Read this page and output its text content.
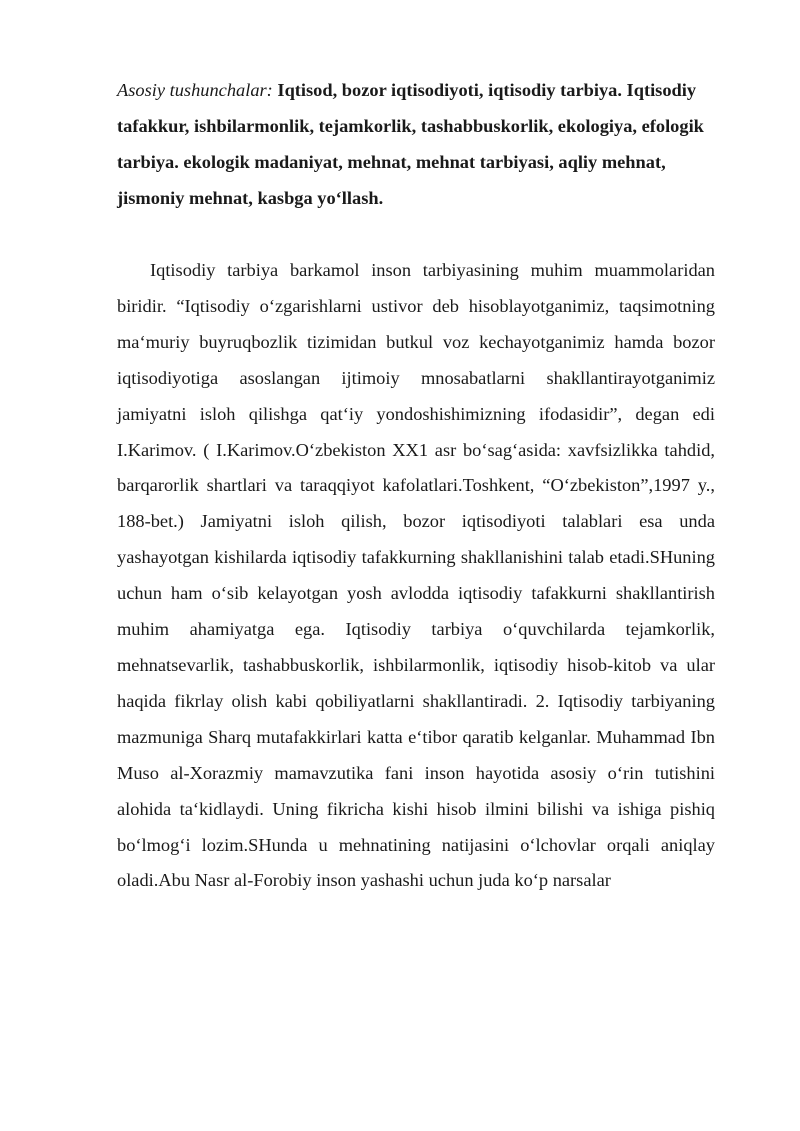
Asosiy tushunchalar: Iqtisod, bozor iqtisodiyoti, iqtisodiy tarbiya. Iqtisodiy tafakkur, ishbilarmonlik, tejamkorlik, tashabbuskorlik, ekologiya, efologik tarbiya. ekologik madaniyat, mehnat, mehnat tarbiyasi, aqliy mehnat, jismoniy mehnat, kasbga yo‘llash.

Iqtisodiy tarbiya barkamol inson tarbiyasining muhim muammolaridan biridir. “Iqtisodiy o‘zgarishlarni ustivor deb hisoblayotganimiz, taqsimotning ma‘muriy buyruqbozlik tizimidan butkul voz kechayotganimiz hamda bozor iqtisodiyotiga asoslangan ijtimoiy mnosabatlarni shakllantirayotganimiz jamiyatni isloh qilishga qat‘iy yondoshishimizning ifodasidir”, degan edi I.Karimov. ( I.Karimov.O‘zbekiston XX1 asr bo‘sag‘asida: xavfsizlikka tahdid, barqarorlik shartlari va taraqqiyot kafolatlari.Toshkent, “O‘zbekiston”,1997 y., 188-bet.) Jamiyatni isloh qilish, bozor iqtisodiyoti talablari esa unda yashayotgan kishilarda iqtisodiy tafakkurning shakllanishini talab etadi.SHuning uchun ham o‘sib kelayotgan yosh avlodda iqtisodiy tafakkurni shakllantirish muhim ahamiyatga ega. Iqtisodiy tarbiya o‘quvchilarda tejamkorlik, mehnatsevarlik, tashabbuskorlik, ishbilarmonlik, iqtisodiy hisob-kitob va ular haqida fikrlay olish kabi qobiliyatlarni shakllantiradi. 2. Iqtisodiy tarbiyaning mazmuniga Sharq mutafakkirlari katta e‘tibor qaratib kelganlar. Muhammad Ibn Muso al-Xorazmiy mamavzutika fani inson hayotida asosiy o‘rin tutishini alohida ta‘kidlaydi. Uning fikricha kishi hisob ilmini bilishi va ishiga pishiq bo‘lmog‘i lozim.SHunda u mehnatining natijasini o‘lchovlar orqali aniqlay oladi.Abu Nasr al-Forobiy inson yashashi uchun juda ko‘p narsalar
